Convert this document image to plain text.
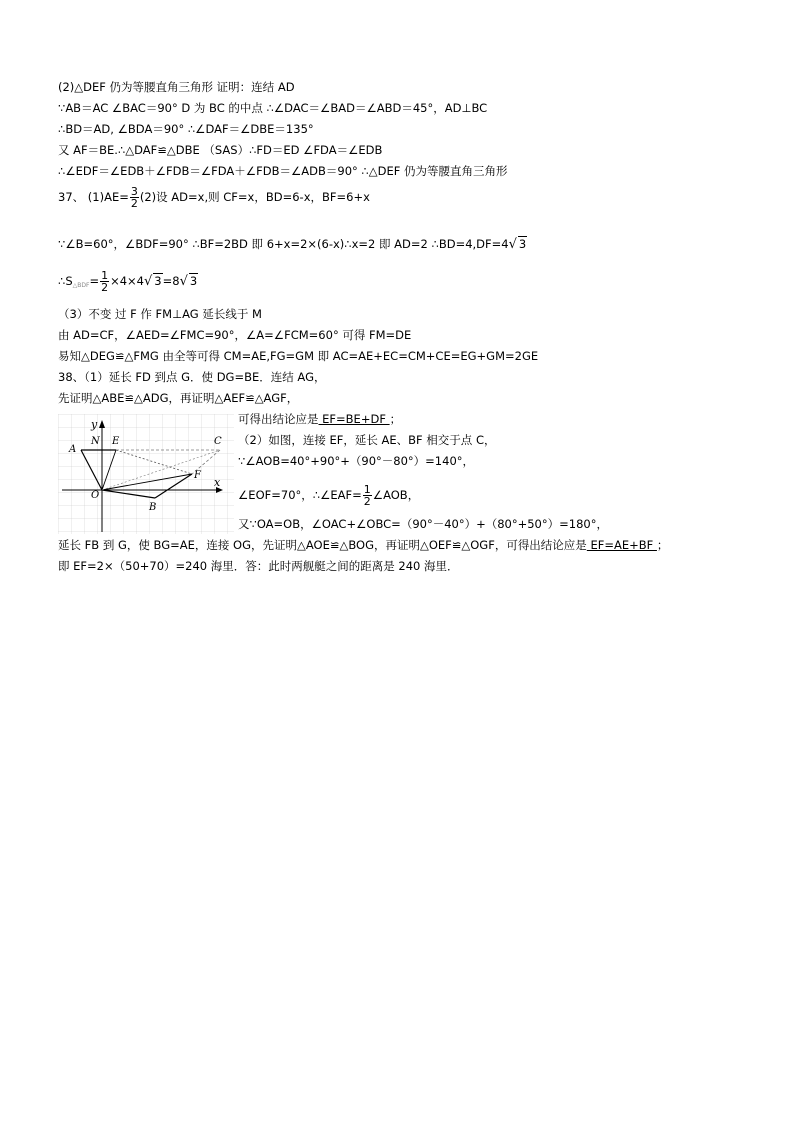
(2)△DEF 仍为等腰直角三角形 证明：连结 AD
∵AB＝AC ∠BAC＝90° D 为 BC 的中点 ∴∠DAC＝∠BAD＝∠ABD＝45°，AD⊥BC
∴BD＝AD, ∠BDA＝90° ∴∠DAF＝∠DBE＝135°
又 AF＝BE.∴△DAF≌△DBE （SAS）∴FD＝ED ∠FDA＝∠EDB
∴∠EDF＝∠EDB＋∠FDB＝∠FDA＋∠FDB＝∠ADB＝90° ∴△DEF 仍为等腰直角三角形
37、 $(1)AE= \frac{3}{2} (2)$设 AD=x,则 CF=x，BD=6-x，BF=6+x
∵∠B=60°，∠BDF=90° ∴BF=2BD 即 6+x=2×(6-x)∴x=2 即 AD=2 ∴BD=4,DF=4√ 3
$\therefore S_{\triangle BDF}= \frac{1}{2} \times 4\times 4√$ 3=8√ 3
（3）不变 过 F 作 FM⊥AG 延长线于 M
由 AD=CF，∠AED=∠FMC=90°，∠A=∠FCM=60° 可得 FM=DE
易知△DEG≌△FMG 由全等可得 CM=AE,FG=GM 即 AC=AE+EC=CM+CE=EG+GM=2GE
38、（1）延长 FD 到点 G．使 DG=BE．连结 AG，
先证明△ABE≌△ADG，再证明△AEF≌△AGF，
可得出结论应是 EF=BE+DF ；
（2）如图，连接 EF，延长 AE、BF 相交于点 C，
∵∠AOB=40°+90°+（90°－80°）=140°，
∠EOF=70°，∴∠EAF= $\frac{1}{2}$ ∠AOB，
又∵OA=OB，∠OAC+∠OBC=（90°－40°）+（80°+50°）=180°，
延长 FB 到 G，使 BG=AE，连接 OG，先证明△AOE≌△BOG，再证明△OEF≌△OGF，可得出结论应是 EF=AE+BF ；
即 EF=2×（50+70）=240 海里．答：此时两舰艇之间的距离是 240 海里．
y
x
N E
A
C
F
O
B
